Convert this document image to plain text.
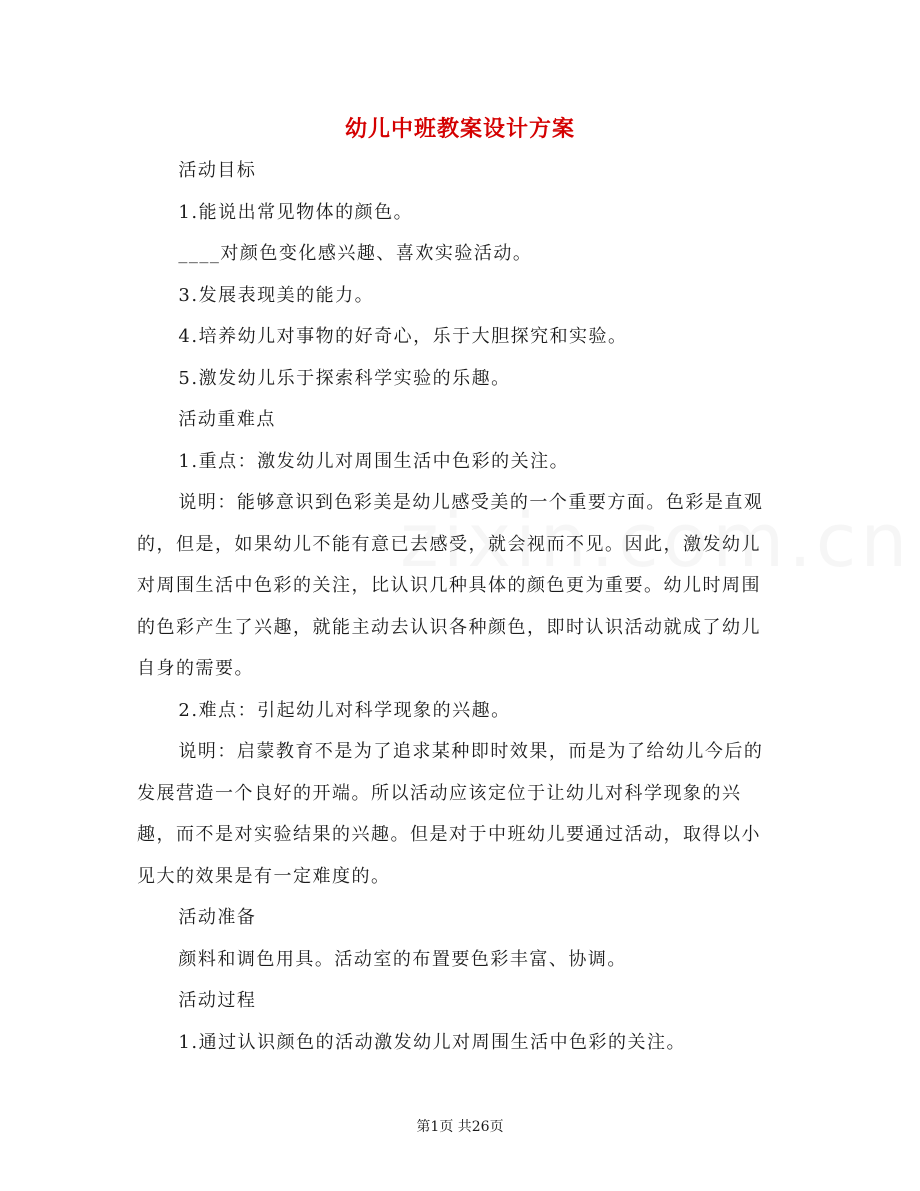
幼儿中班教案设计方案

活动目标

1.能说出常见物体的颜色。

____对颜色变化感兴趣、喜欢实验活动。

3.发展表现美的能力。

4.培养幼儿对事物的好奇心，乐于大胆探究和实验。

5.激发幼儿乐于探索科学实验的乐趣。

活动重难点

1.重点：激发幼儿对周围生活中色彩的关注。

说明：能够意识到色彩美是幼儿感受美的一个重要方面。色彩是直观的，但是，如果幼儿不能有意已去感受，就会视而不见。因此，激发幼儿对周围生活中色彩的关注，比认识几种具体的颜色更为重要。幼儿时周围的色彩产生了兴趣，就能主动去认识各种颜色，即时认识活动就成了幼儿自身的需要。

2.难点：引起幼儿对科学现象的兴趣。

说明：启蒙教育不是为了追求某种即时效果，而是为了给幼儿今后的发展营造一个良好的开端。所以活动应该定位于让幼儿对科学现象的兴趣，而不是对实验结果的兴趣。但是对于中班幼儿要通过活动，取得以小见大的效果是有一定难度的。

活动准备

颜料和调色用具。活动室的布置要色彩丰富、协调。

活动过程

1.通过认识颜色的活动激发幼儿对周围生活中色彩的关注。

第1页 共26页
